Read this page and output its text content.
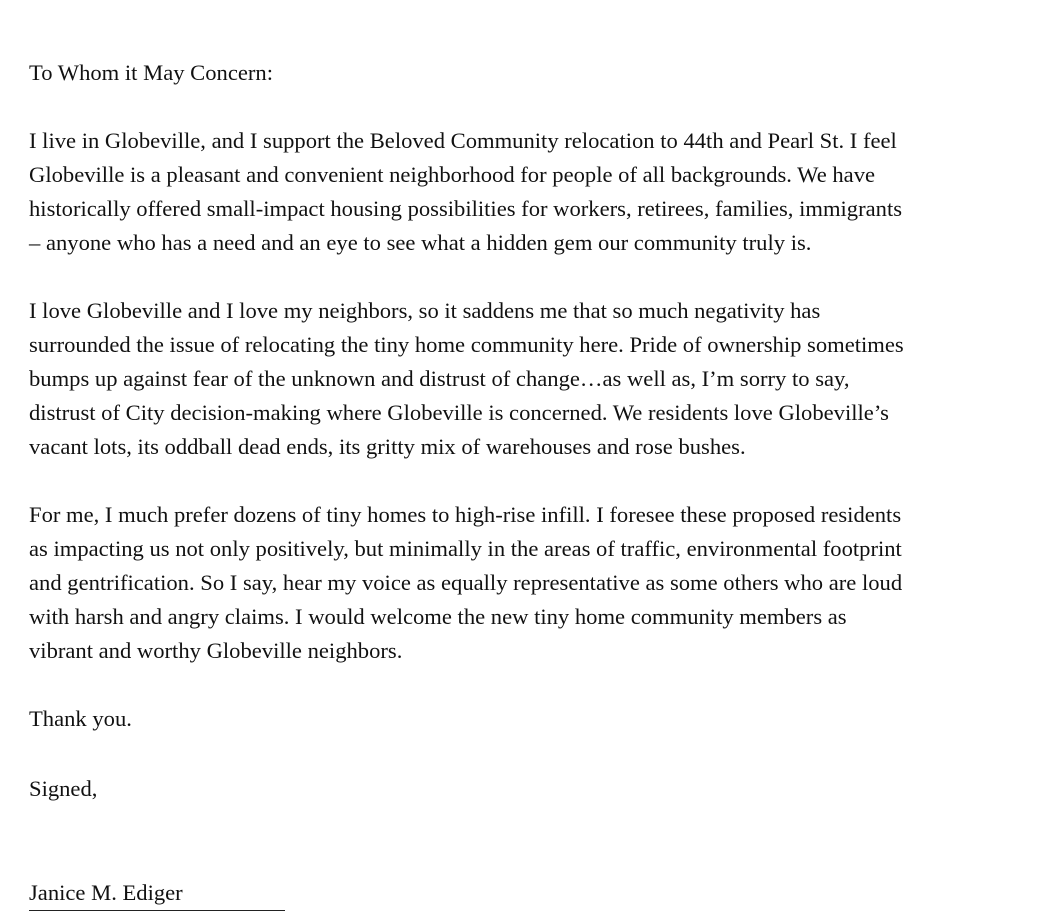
To Whom it May Concern:

I live in Globeville, and I support the Beloved Community relocation to 44th and Pearl St. I feel
Globeville is a pleasant and convenient neighborhood for people of all backgrounds. We have
historically offered small-impact housing possibilities for workers, retirees, families, immigrants
– anyone who has a need and an eye to see what a hidden gem our community truly is.

I love Globeville and I love my neighbors, so it saddens me that so much negativity has
surrounded the issue of relocating the tiny home community here. Pride of ownership sometimes
bumps up against fear of the unknown and distrust of change…as well as, I’m sorry to say,
distrust of City decision-making where Globeville is concerned. We residents love Globeville’s
vacant lots, its oddball dead ends, its gritty mix of warehouses and rose bushes.

For me, I much prefer dozens of tiny homes to high-rise infill. I foresee these proposed residents
as impacting us not only positively, but minimally in the areas of traffic, environmental footprint
and gentrification. So I say, hear my voice as equally representative as some others who are loud
with harsh and angry claims. I would welcome the new tiny home community members as
vibrant and worthy Globeville neighbors.

Thank you.

Signed,

Janice M. Ediger
